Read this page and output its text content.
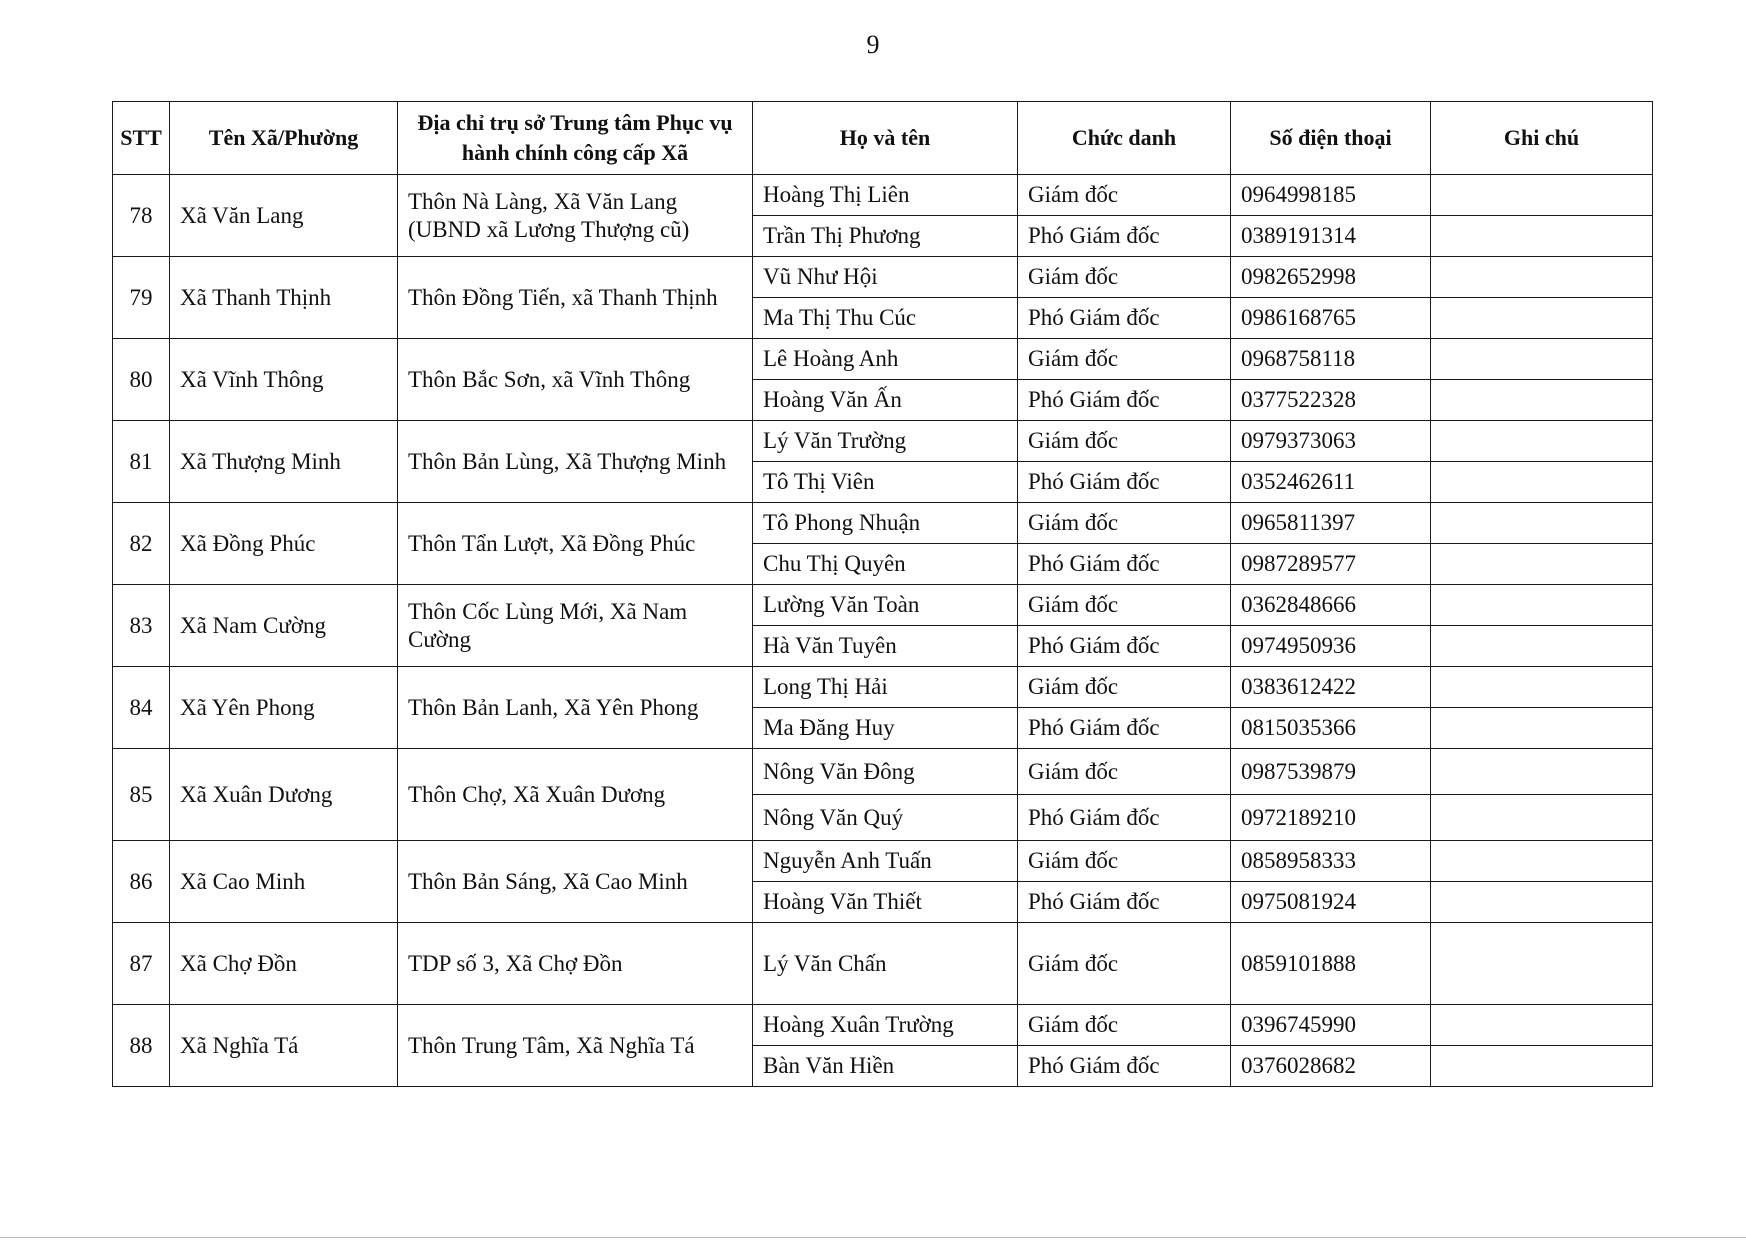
9
STT	Tên Xã/Phường	Địa chỉ trụ sở Trung tâm Phục vụ hành chính công cấp Xã	Họ và tên	Chức danh	Số điện thoại	Ghi chú
78	Xã Văn Lang	Thôn Nà Làng, Xã Văn Lang (UBND xã Lương Thượng cũ)	Hoàng Thị Liên	Giám đốc	0964998185	
			Trần Thị Phương	Phó Giám đốc	0389191314	
79	Xã Thanh Thịnh	Thôn Đồng Tiến, xã Thanh Thịnh	Vũ Như Hội	Giám đốc	0982652998	
			Ma Thị Thu Cúc	Phó Giám đốc	0986168765	
80	Xã Vĩnh Thông	Thôn Bắc Sơn, xã Vĩnh Thông	Lê Hoàng Anh	Giám đốc	0968758118	
			Hoàng Văn Ấn	Phó Giám đốc	0377522328	
81	Xã Thượng Minh	Thôn Bản Lùng, Xã Thượng Minh	Lý Văn Trường	Giám đốc	0979373063	
			Tô Thị Viên	Phó Giám đốc	0352462611	
82	Xã Đồng Phúc	Thôn Tẩn Lượt, Xã Đồng Phúc	Tô Phong Nhuận	Giám đốc	0965811397	
			Chu Thị Quyên	Phó Giám đốc	0987289577	
83	Xã Nam Cường	Thôn Cốc Lùng Mới, Xã Nam Cường	Lường Văn Toàn	Giám đốc	0362848666	
			Hà Văn Tuyên	Phó Giám đốc	0974950936	
84	Xã Yên Phong	Thôn Bản Lanh, Xã Yên Phong	Long Thị Hải	Giám đốc	0383612422	
			Ma Đăng Huy	Phó Giám đốc	0815035366	
85	Xã Xuân Dương	Thôn Chợ, Xã Xuân Dương	Nông Văn Đông	Giám đốc	0987539879	
			Nông Văn Quý	Phó Giám đốc	0972189210	
86	Xã Cao Minh	Thôn Bản Sáng, Xã Cao Minh	Nguyễn Anh Tuấn	Giám đốc	0858958333	
			Hoàng Văn Thiết	Phó Giám đốc	0975081924	
87	Xã Chợ Đồn	TDP số 3, Xã Chợ Đồn	Lý Văn Chấn	Giám đốc	0859101888	
88	Xã Nghĩa Tá	Thôn Trung Tâm, Xã Nghĩa Tá	Hoàng Xuân Trường	Giám đốc	0396745990	
			Bàn Văn Hiền	Phó Giám đốc	0376028682	
